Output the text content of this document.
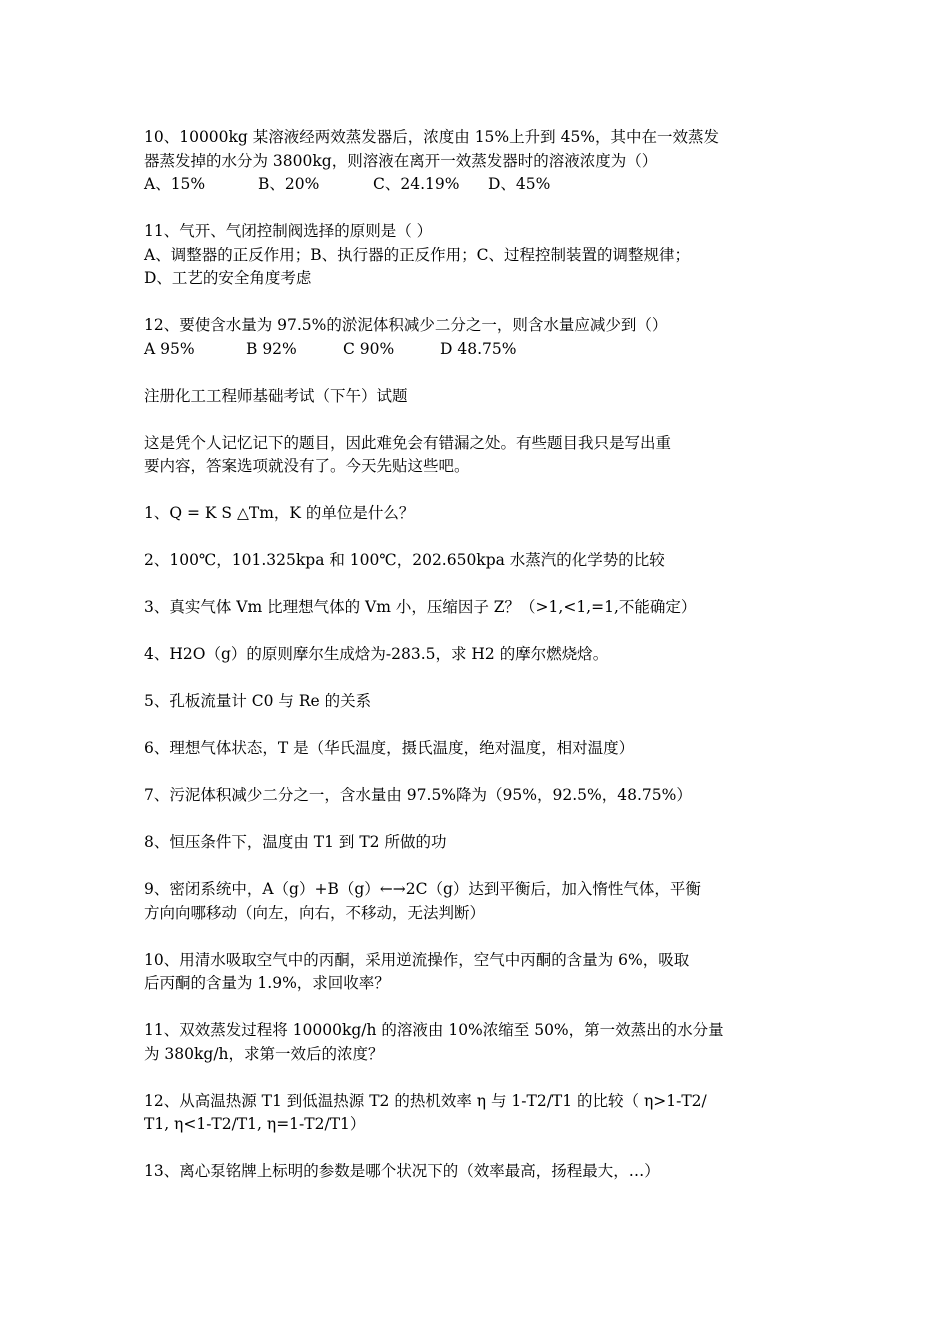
10、10000kg 某溶液经两效蒸发器后，浓度由 15%上升到 45%，其中在一效蒸发
器蒸发掉的水分为 3800kg，则溶液在离开一效蒸发器时的溶液浓度为（）
A、15%	B、20%	C、24.19%	D、45%
11、气开、气闭控制阀选择的原则是（ ）
A、调整器的正反作用；B、执行器的正反作用；C、过程控制装置的调整规律；
D、工艺的安全角度考虑
12、要使含水量为 97.5%的淤泥体积减少二分之一，则含水量应减少到（）
A 95%	B 92%	C 90%	D 48.75%
注册化工工程师基础考试（下午）试题
这是凭个人记忆记下的题目，因此难免会有错漏之处。有些题目我只是写出重
要内容，答案选项就没有了。今天先贴这些吧。
1、Q = K S △Tm，K 的单位是什么？
2、100℃，101.325kpa 和 100℃，202.650kpa 水蒸汽的化学势的比较
3、真实气体 Vm 比理想气体的 Vm 小，压缩因子 Z？（>1,<1,=1,不能确定）
4、H2O（g）的原则摩尔生成焓为-283.5，求 H2 的摩尔燃烧焓。
5、孔板流量计 C0 与 Re 的关系
6、理想气体状态，T 是（华氏温度，摄氏温度，绝对温度，相对温度）
7、污泥体积减少二分之一，含水量由 97.5%降为（95%，92.5%，48.75%）
8、恒压条件下，温度由 T1 到 T2 所做的功
9、密闭系统中，A（g）+B（g）←→2C（g）达到平衡后，加入惰性气体，平衡
方向向哪移动（向左，向右，不移动，无法判断）
10、用清水吸取空气中的丙酮，采用逆流操作，空气中丙酮的含量为 6%，吸取
后丙酮的含量为 1.9%，求回收率？
11、双效蒸发过程将 10000kg/h 的溶液由 10%浓缩至 50%，第一效蒸出的水分量
为 380kg/h，求第一效后的浓度？
12、从高温热源 T1 到低温热源 T2 的热机效率 η 与 1-T2/T1 的比较（ η>1-T2/
T1, η<1-T2/T1, η=1-T2/T1）
13、离心泵铭牌上标明的参数是哪个状况下的（效率最高，扬程最大，…）
